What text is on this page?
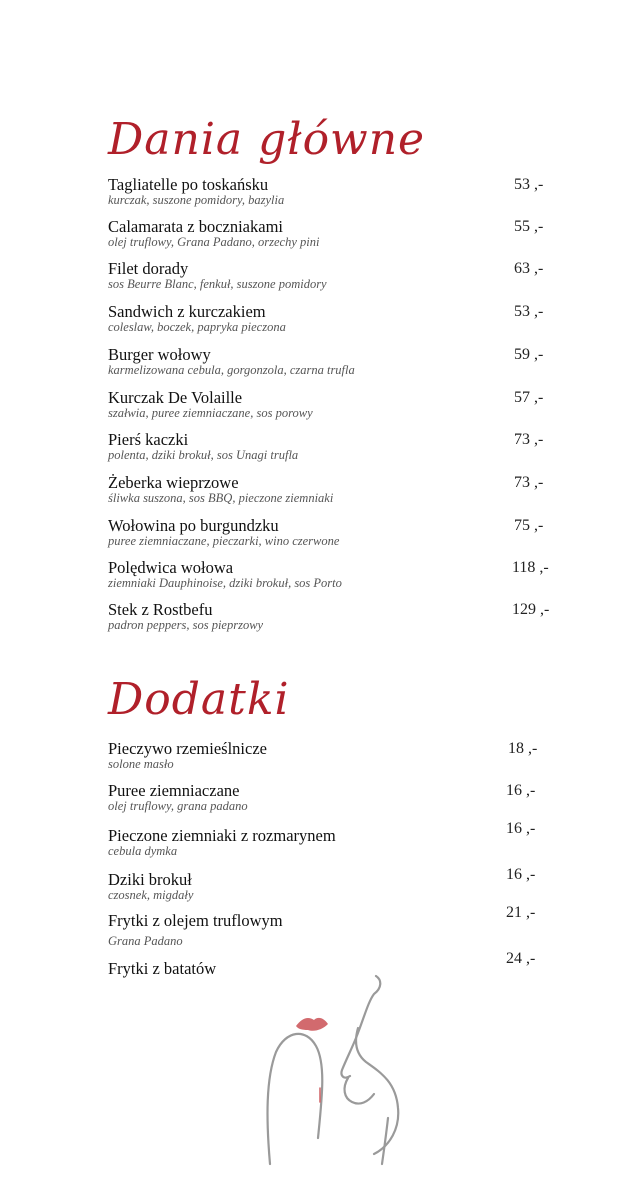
Dania główne
Tagliatelle po toskańsku
kurczak, suszone pomidory, bazylia
53 ,-
Calamarata z boczniakami
olej truflowy, Grana Padano, orzechy pini
55 ,-
Filet dorady
sos Beurre Blanc, fenkuł, suszone pomidory
63 ,-
Sandwich z kurczakiem
coleslaw, boczek, papryka pieczona
53 ,-
Burger wołowy
karmelizowana cebula, gorgonzola, czarna trufla
59 ,-
Kurczak De Volaille
szałwia, puree ziemniaczane, sos porowy
57 ,-
Pierś kaczki
polenta, dziki brokuł, sos Unagi trufla
73 ,-
Żeberka wieprzowe
śliwka suszona, sos BBQ, pieczone ziemniaki
73 ,-
Wołowina po burgundzku
puree ziemniaczane, pieczarki, wino czerwone
75 ,-
Polędwica wołowa
ziemniaki Dauphinoise, dziki brokuł, sos Porto
118 ,-
Stek z Rostbefu
padron peppers, sos pieprzowy
129 ,-
Dodatki
Pieczywo rzemieślnicze
solone masło
18 ,-
Puree ziemniaczane
olej truflowy, grana padano
16 ,-
Pieczone ziemniaki z rozmarynem
cebula dymka
16 ,-
Dziki brokuł
czosnek, migdały
16 ,-
Frytki z olejem truflowym
Grana Padano
21 ,-
Frytki z batatów
24 ,-
